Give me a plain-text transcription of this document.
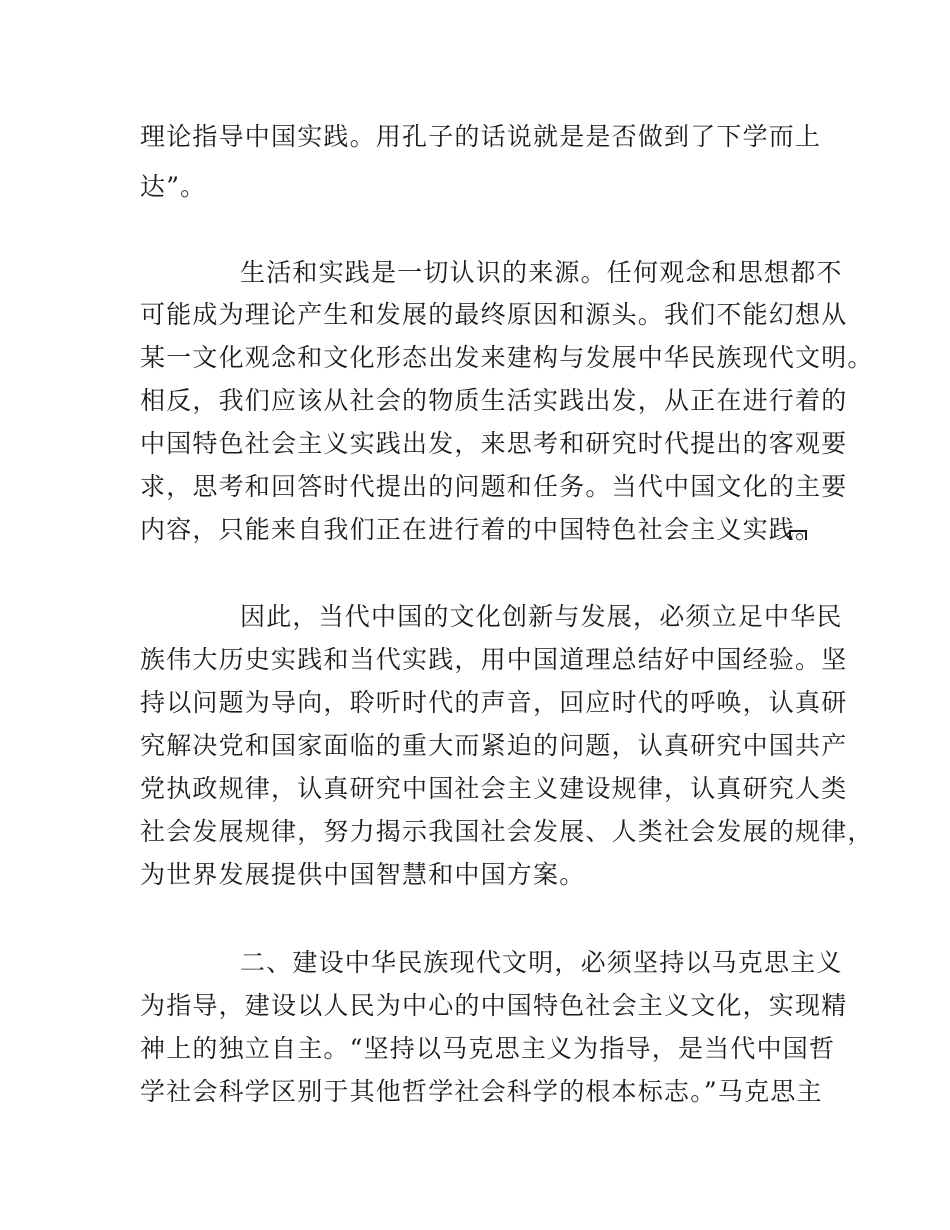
理论指导中国实践。用孔子的话说就是是否做到了下学而上

达”。

生活和实践是一切认识的来源。任何观念和思想都不

可能成为理论产生和发展的最终原因和源头。我们不能幻想从

某一文化观念和文化形态出发来建构与发展中华民族现代文明。

相反，我们应该从社会的物质生活实践出发，从正在进行着的

中国特色社会主义实践出发，来思考和研究时代提出的客观要

求，思考和回答时代提出的问题和任务。当代中国文化的主要

内容，只能来自我们正在进行着的中国特色社会主义实践。

因此，当代中国的文化创新与发展，必须立足中华民

族伟大历史实践和当代实践，用中国道理总结好中国经验。坚

持以问题为导向，聆听时代的声音，回应时代的呼唤，认真研

究解决党和国家面临的重大而紧迫的问题，认真研究中国共产

党执政规律，认真研究中国社会主义建设规律，认真研究人类

社会发展规律，努力揭示我国社会发展、人类社会发展的规律，

为世界发展提供中国智慧和中国方案。

二、建设中华民族现代文明，必须坚持以马克思主义

为指导，建设以人民为中心的中国特色社会主义文化，实现精

神上的独立自主。“坚持以马克思主义为指导，是当代中国哲

学社会科学区别于其他哲学社会科学的根本标志。”马克思主
